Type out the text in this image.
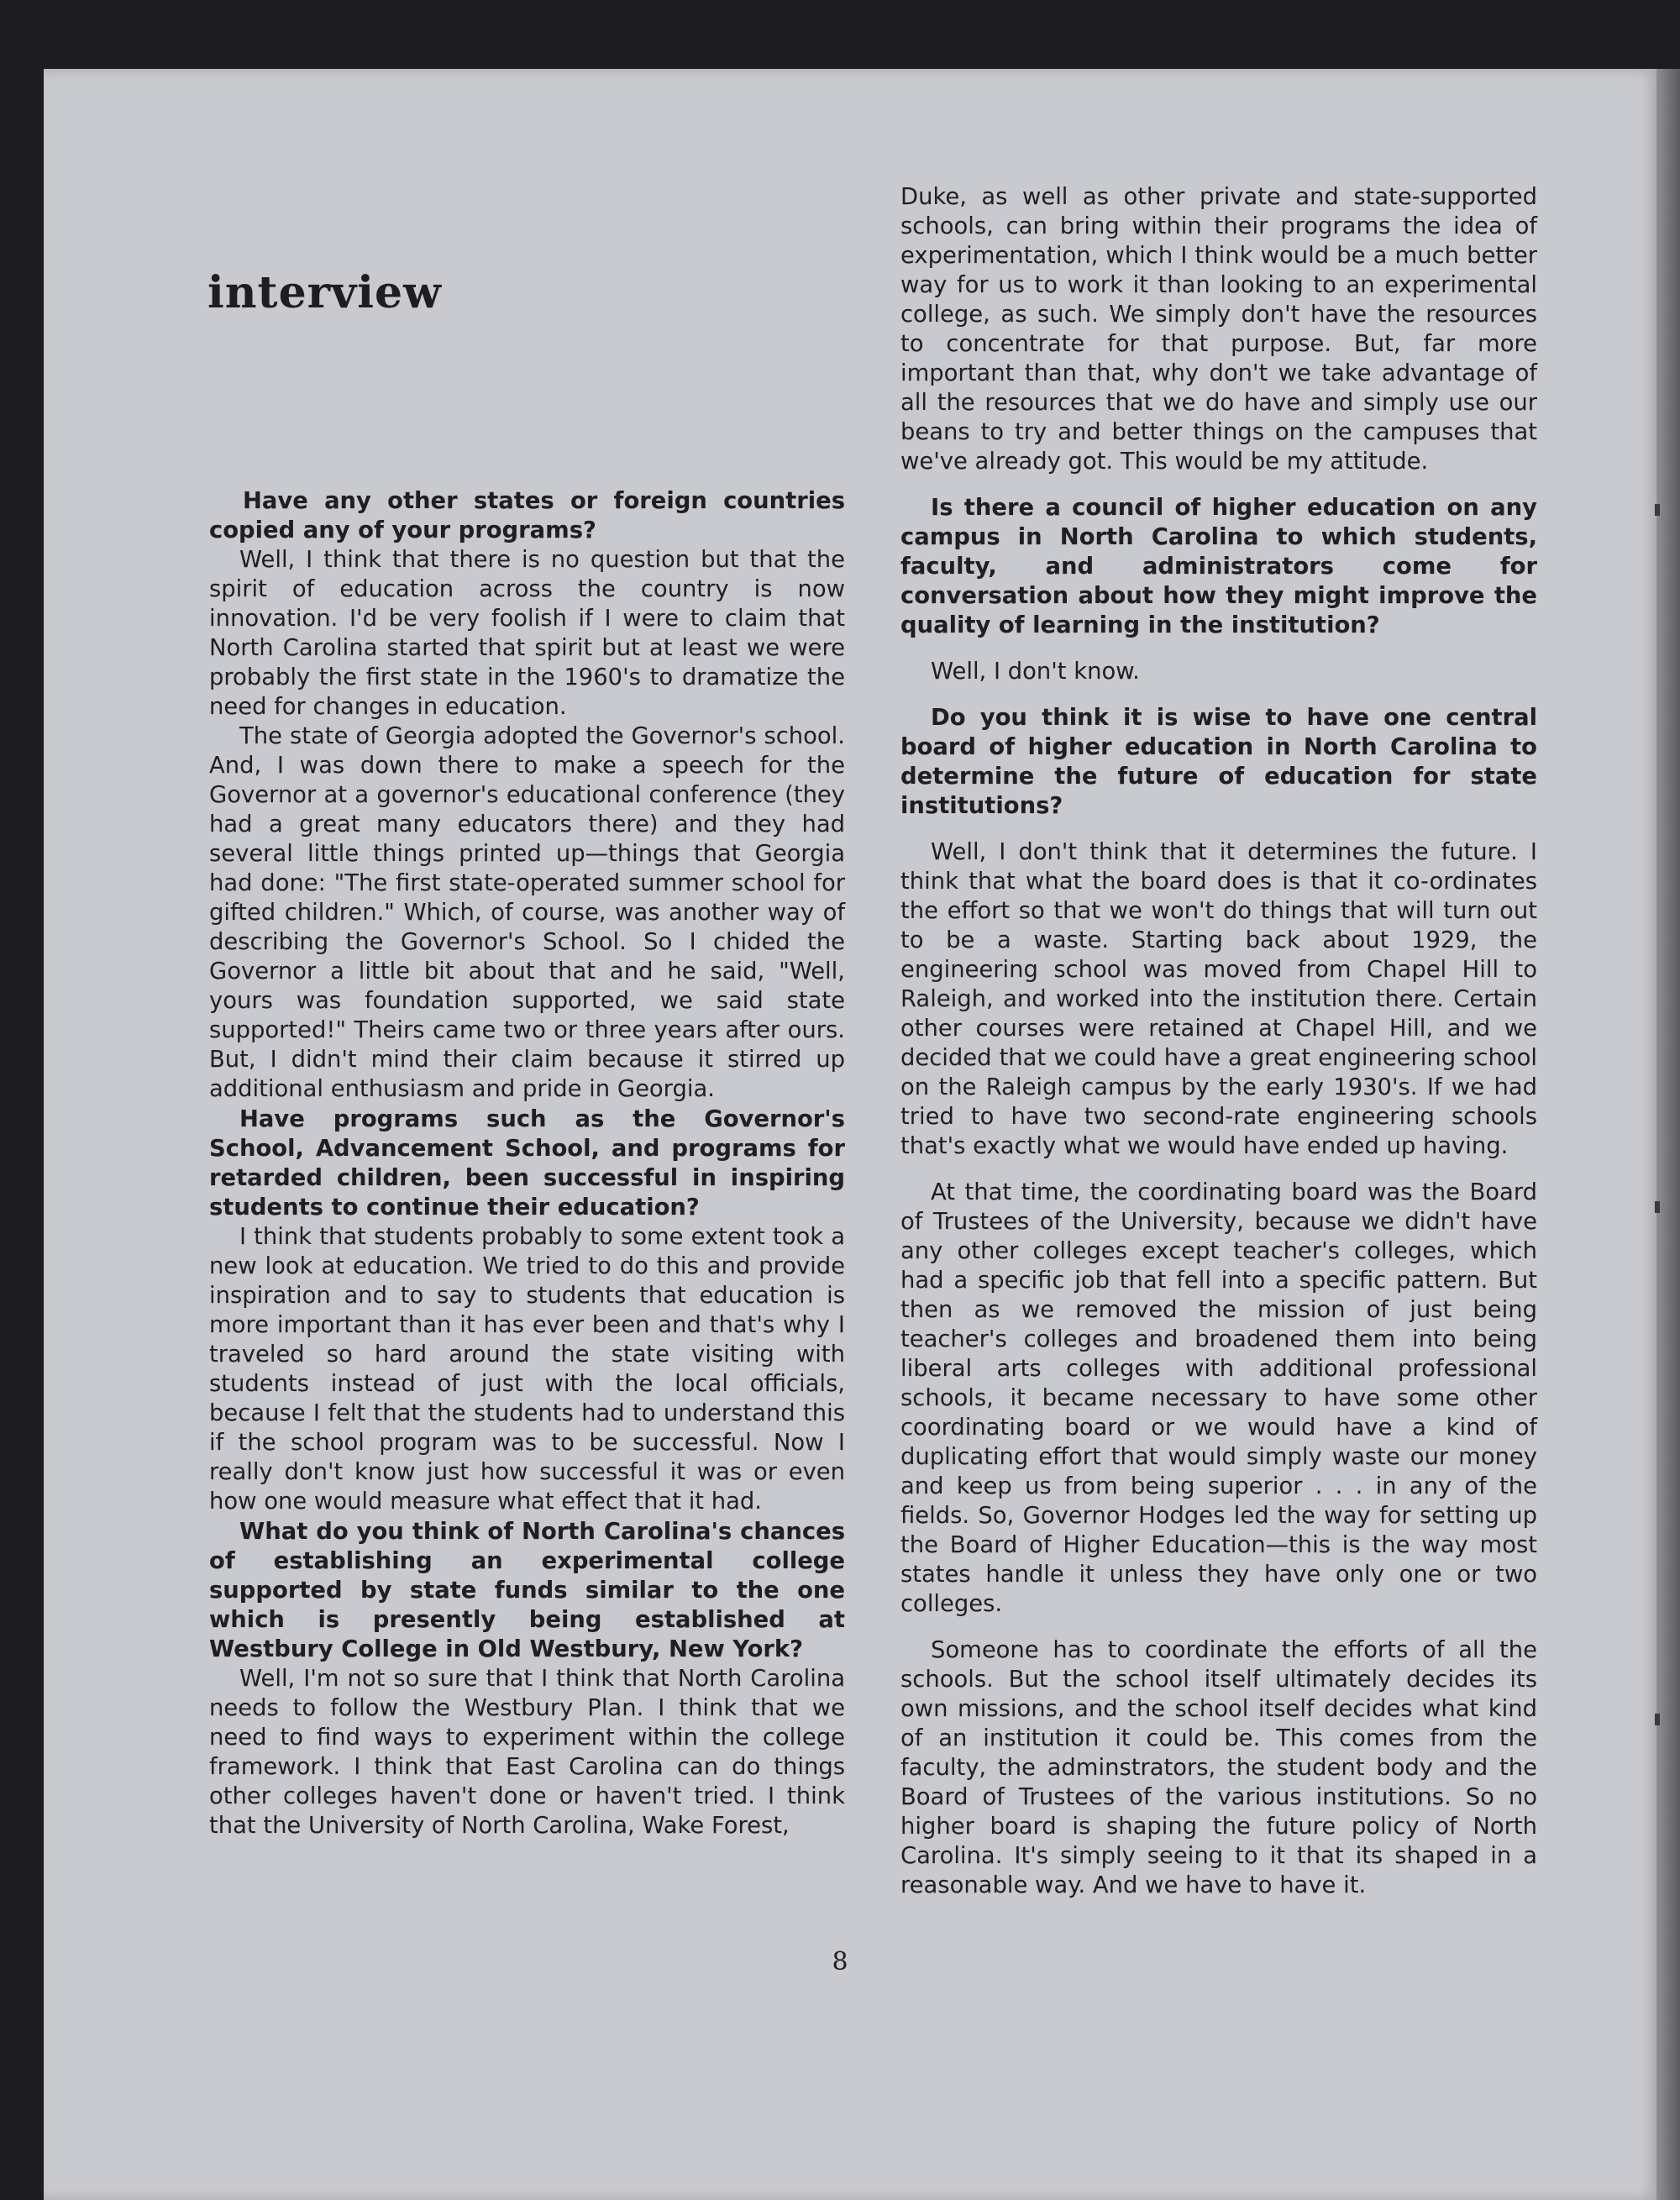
interview

Have any other states or foreign countries copied any of your programs?

Well, I think that there is no question but that the spirit of education across the country is now innovation. I'd be very foolish if I were to claim that North Carolina started that spirit but at least we were probably the first state in the 1960's to dramatize the need for changes in education.

The state of Georgia adopted the Governor's school. And, I was down there to make a speech for the Governor at a governor's educational conference (they had a great many educators there) and they had several little things printed up—things that Georgia had done: "The first state-operated summer school for gifted children." Which, of course, was another way of describing the Governor's School. So I chided the Governor a little bit about that and he said, "Well, yours was foundation supported, we said state supported!" Theirs came two or three years after ours. But, I didn't mind their claim because it stirred up additional enthusiasm and pride in Georgia.

Have programs such as the Governor's School, Advancement School, and programs for retarded children, been successful in inspiring students to continue their education?

I think that students probably to some extent took a new look at education. We tried to do this and provide inspiration and to say to students that education is more important than it has ever been and that's why I traveled so hard around the state visiting with students instead of just with the local officials, because I felt that the students had to understand this if the school program was to be successful. Now I really don't know just how successful it was or even how one would measure what effect that it had.

What do you think of North Carolina's chances of establishing an experimental college supported by state funds similar to the one which is presently being established at Westbury College in Old Westbury, New York?

Well, I'm not so sure that I think that North Carolina needs to follow the Westbury Plan. I think that we need to find ways to experiment within the college framework. I think that East Carolina can do things other colleges haven't done or haven't tried. I think that the University of North Carolina, Wake Forest,

Duke, as well as other private and state-supported schools, can bring within their programs the idea of experimentation, which I think would be a much better way for us to work it than looking to an experimental college, as such. We simply don't have the resources to concentrate for that purpose. But, far more important than that, why don't we take advantage of all the resources that we do have and simply use our beans to try and better things on the campuses that we've already got. This would be my attitude.

Is there a council of higher education on any campus in North Carolina to which students, faculty, and administrators come for conversation about how they might improve the quality of learning in the institution?

Well, I don't know.

Do you think it is wise to have one central board of higher education in North Carolina to determine the future of education for state institutions?

Well, I don't think that it determines the future. I think that what the board does is that it co-ordinates the effort so that we won't do things that will turn out to be a waste. Starting back about 1929, the engineering school was moved from Chapel Hill to Raleigh, and worked into the institution there. Certain other courses were retained at Chapel Hill, and we decided that we could have a great engineering school on the Raleigh campus by the early 1930's. If we had tried to have two second-rate engineering schools that's exactly what we would have ended up having.

At that time, the coordinating board was the Board of Trustees of the University, because we didn't have any other colleges except teacher's colleges, which had a specific job that fell into a specific pattern. But then as we removed the mission of just being teacher's colleges and broadened them into being liberal arts colleges with additional professional schools, it became necessary to have some other coordinating board or we would have a kind of duplicating effort that would simply waste our money and keep us from being superior . . . in any of the fields. So, Governor Hodges led the way for setting up the Board of Higher Education—this is the way most states handle it unless they have only one or two colleges.

Someone has to coordinate the efforts of all the schools. But the school itself ultimately decides its own missions, and the school itself decides what kind of an institution it could be. This comes from the faculty, the adminstrators, the student body and the Board of Trustees of the various institutions. So no higher board is shaping the future policy of North Carolina. It's simply seeing to it that its shaped in a reasonable way. And we have to have it.

8
